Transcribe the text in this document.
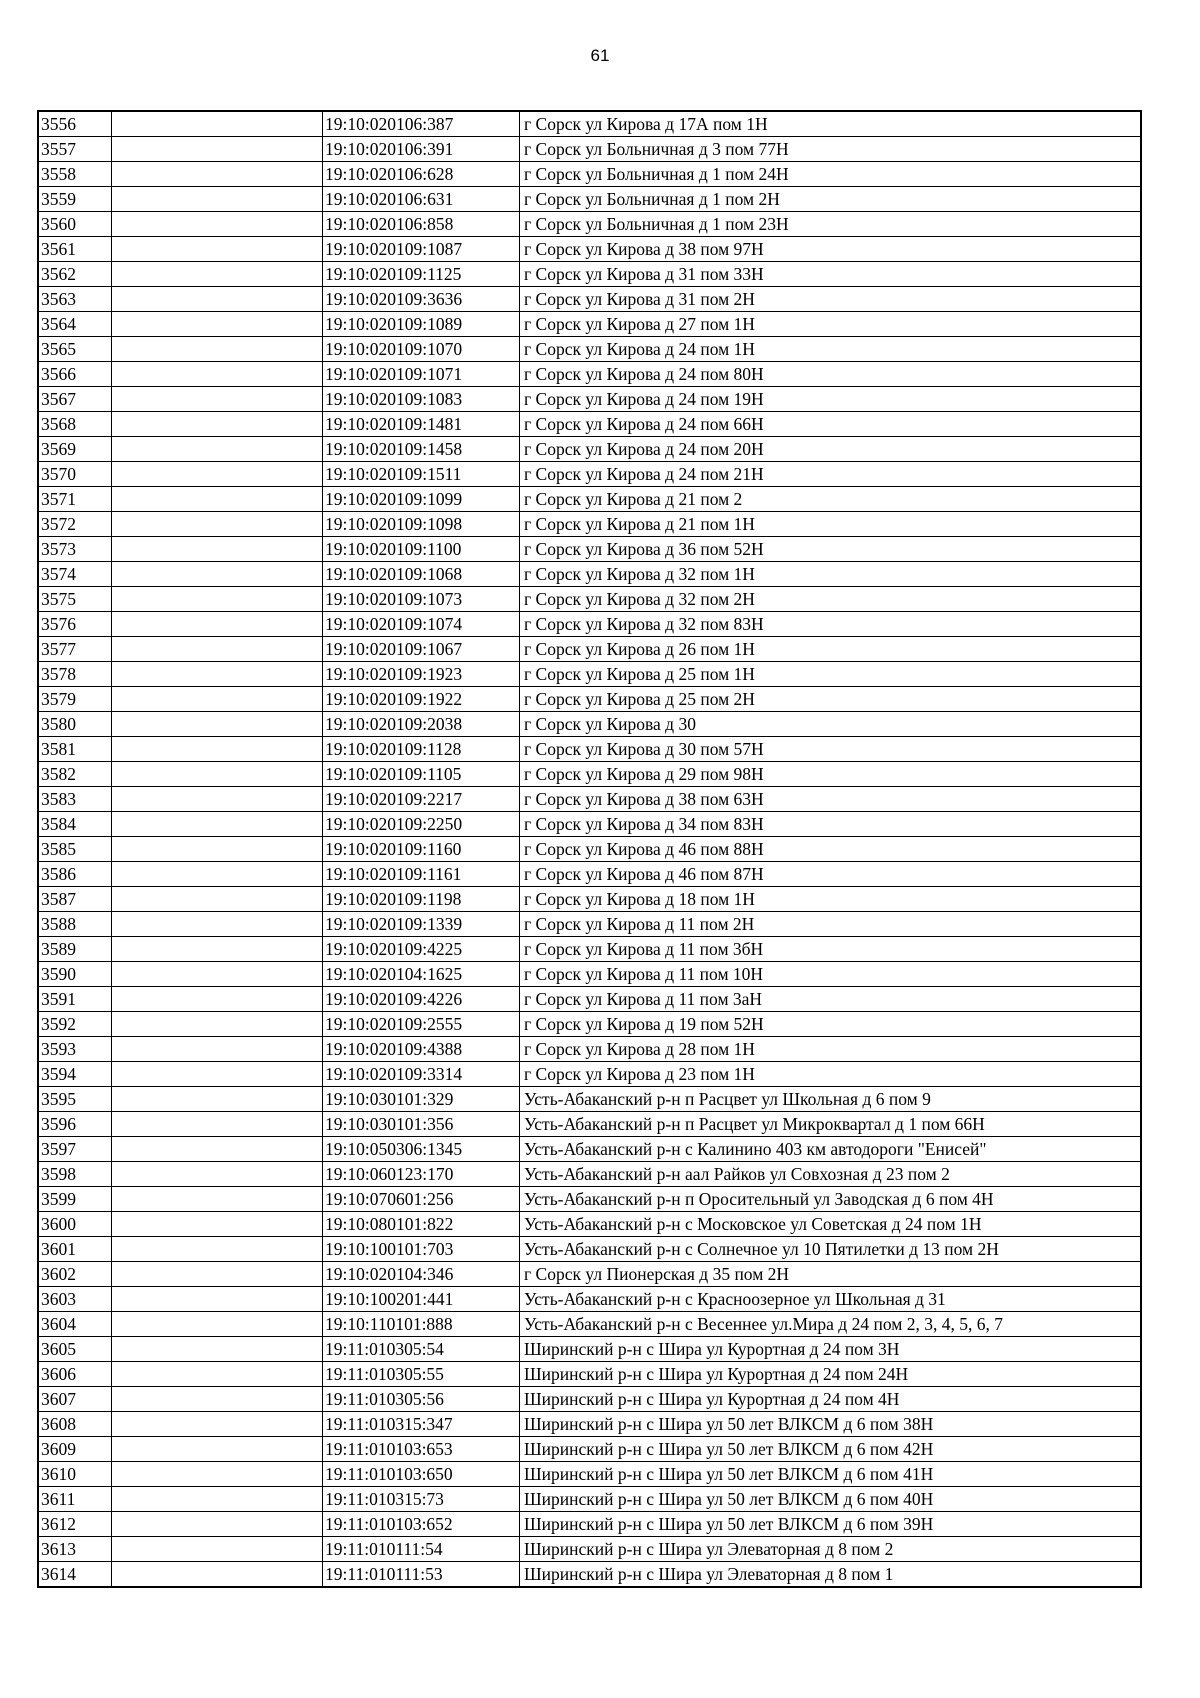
61
3556		19:10:020106:387	г Сорск ул Кирова д 17А пом 1Н
3557		19:10:020106:391	г Сорск ул Больничная д 3 пом 77Н
3558		19:10:020106:628	г Сорск ул Больничная д 1 пом 24Н
3559		19:10:020106:631	г Сорск ул Больничная д 1 пом 2Н
3560		19:10:020106:858	г Сорск ул Больничная д 1 пом 23Н
3561		19:10:020109:1087	г Сорск ул Кирова д 38 пом 97Н
3562		19:10:020109:1125	г Сорск ул Кирова д 31 пом 33Н
3563		19:10:020109:3636	г Сорск ул Кирова д 31 пом 2Н
3564		19:10:020109:1089	г Сорск ул Кирова д 27 пом 1Н
3565		19:10:020109:1070	г Сорск ул Кирова д 24 пом 1Н
3566		19:10:020109:1071	г Сорск ул Кирова д 24 пом 80Н
3567		19:10:020109:1083	г Сорск ул Кирова д 24 пом 19Н
3568		19:10:020109:1481	г Сорск ул Кирова д 24 пом 66Н
3569		19:10:020109:1458	г Сорск ул Кирова д 24 пом 20Н
3570		19:10:020109:1511	г Сорск ул Кирова д 24 пом 21Н
3571		19:10:020109:1099	г Сорск ул Кирова д 21 пом 2
3572		19:10:020109:1098	г Сорск ул Кирова д 21 пом 1Н
3573		19:10:020109:1100	г Сорск ул Кирова д 36 пом 52Н
3574		19:10:020109:1068	г Сорск ул Кирова д 32 пом 1Н
3575		19:10:020109:1073	г Сорск ул Кирова д 32 пом 2Н
3576		19:10:020109:1074	г Сорск ул Кирова д 32 пом 83Н
3577		19:10:020109:1067	г Сорск ул Кирова д 26 пом 1Н
3578		19:10:020109:1923	г Сорск ул Кирова д 25 пом 1Н
3579		19:10:020109:1922	г Сорск ул Кирова д 25 пом 2Н
3580		19:10:020109:2038	г Сорск ул Кирова д 30
3581		19:10:020109:1128	г Сорск ул Кирова д 30 пом 57Н
3582		19:10:020109:1105	г Сорск ул Кирова д 29 пом 98Н
3583		19:10:020109:2217	г Сорск ул Кирова д 38 пом 63Н
3584		19:10:020109:2250	г Сорск ул Кирова д 34 пом 83Н
3585		19:10:020109:1160	г Сорск ул Кирова д 46 пом 88Н
3586		19:10:020109:1161	г Сорск ул Кирова д 46 пом 87Н
3587		19:10:020109:1198	г Сорск ул Кирова д 18 пом 1Н
3588		19:10:020109:1339	г Сорск ул Кирова д 11 пом 2Н
3589		19:10:020109:4225	г Сорск ул Кирова д 11 пом 3бН
3590		19:10:020104:1625	г Сорск ул Кирова д 11 пом 10Н
3591		19:10:020109:4226	г Сорск ул Кирова д 11 пом 3аН
3592		19:10:020109:2555	г Сорск ул Кирова д 19 пом 52Н
3593		19:10:020109:4388	г Сорск ул Кирова д 28 пом 1Н
3594		19:10:020109:3314	г Сорск ул Кирова д 23 пом 1Н
3595		19:10:030101:329	Усть-Абаканский р-н п Расцвет ул Школьная д 6 пом 9
3596		19:10:030101:356	Усть-Абаканский р-н п Расцвет ул Микроквартал д 1 пом 66Н
3597		19:10:050306:1345	Усть-Абаканский р-н с Калинино 403 км автодороги "Енисей"
3598		19:10:060123:170	Усть-Абаканский р-н аал Райков ул Совхозная д 23 пом 2
3599		19:10:070601:256	Усть-Абаканский р-н п Оросительный ул Заводская д 6 пом 4Н
3600		19:10:080101:822	Усть-Абаканский р-н с Московское ул Советская д 24 пом 1Н
3601		19:10:100101:703	Усть-Абаканский р-н с Солнечное ул 10 Пятилетки д 13 пом 2Н
3602		19:10:020104:346	г Сорск ул Пионерская д 35 пом 2Н
3603		19:10:100201:441	Усть-Абаканский р-н с Красноозерное ул Школьная д 31
3604		19:10:110101:888	Усть-Абаканский р-н с Весеннее ул.Мира д 24 пом 2, 3, 4, 5, 6, 7
3605		19:11:010305:54	Ширинский р-н с Шира ул Курортная д 24 пом 3Н
3606		19:11:010305:55	Ширинский р-н с Шира ул Курортная д 24 пом 24Н
3607		19:11:010305:56	Ширинский р-н с Шира ул Курортная д 24 пом 4Н
3608		19:11:010315:347	Ширинский р-н с Шира ул 50 лет ВЛКСМ д 6 пом 38Н
3609		19:11:010103:653	Ширинский р-н с Шира ул 50 лет ВЛКСМ д 6 пом 42Н
3610		19:11:010103:650	Ширинский р-н с Шира ул 50 лет ВЛКСМ д 6 пом 41Н
3611		19:11:010315:73	Ширинский р-н с Шира ул 50 лет ВЛКСМ д 6 пом 40Н
3612		19:11:010103:652	Ширинский р-н с Шира ул 50 лет ВЛКСМ д 6 пом 39Н
3613		19:11:010111:54	Ширинский р-н с Шира ул Элеваторная д 8 пом 2
3614		19:11:010111:53	Ширинский р-н с Шира ул Элеваторная д 8 пом 1
